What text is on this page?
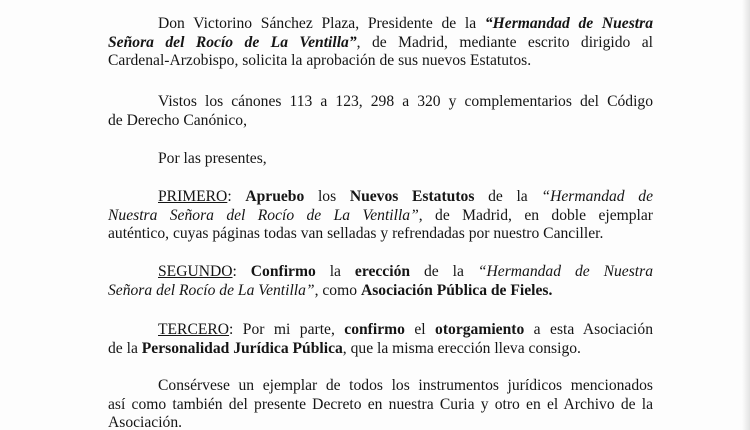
Don Victorino Sánchez Plaza, Presidente de la “Hermandad de Nuestra
Señora del Rocío de La Ventilla”, de Madrid, mediante escrito dirigido al
Cardenal-Arzobispo, solicita la aprobación de sus nuevos Estatutos.
Vistos los cánones 113 a 123, 298 a 320 y complementarios del Código
de Derecho Canónico,
Por las presentes,
PRIMERO: Apruebo los Nuevos Estatutos de la “Hermandad de
Nuestra Señora del Rocío de La Ventilla”, de Madrid, en doble ejemplar
auténtico, cuyas páginas todas van selladas y refrendadas por nuestro Canciller.
SEGUNDO: Confirmo la erección de la “Hermandad de Nuestra
Señora del Rocío de La Ventilla”, como Asociación Pública de Fieles.
TERCERO: Por mi parte, confirmo el otorgamiento a esta Asociación
de la Personalidad Jurídica Pública, que la misma erección lleva consigo.
Consérvese un ejemplar de todos los instrumentos jurídicos mencionados
así como también del presente Decreto en nuestra Curia y otro en el Archivo de la
Asociación.
